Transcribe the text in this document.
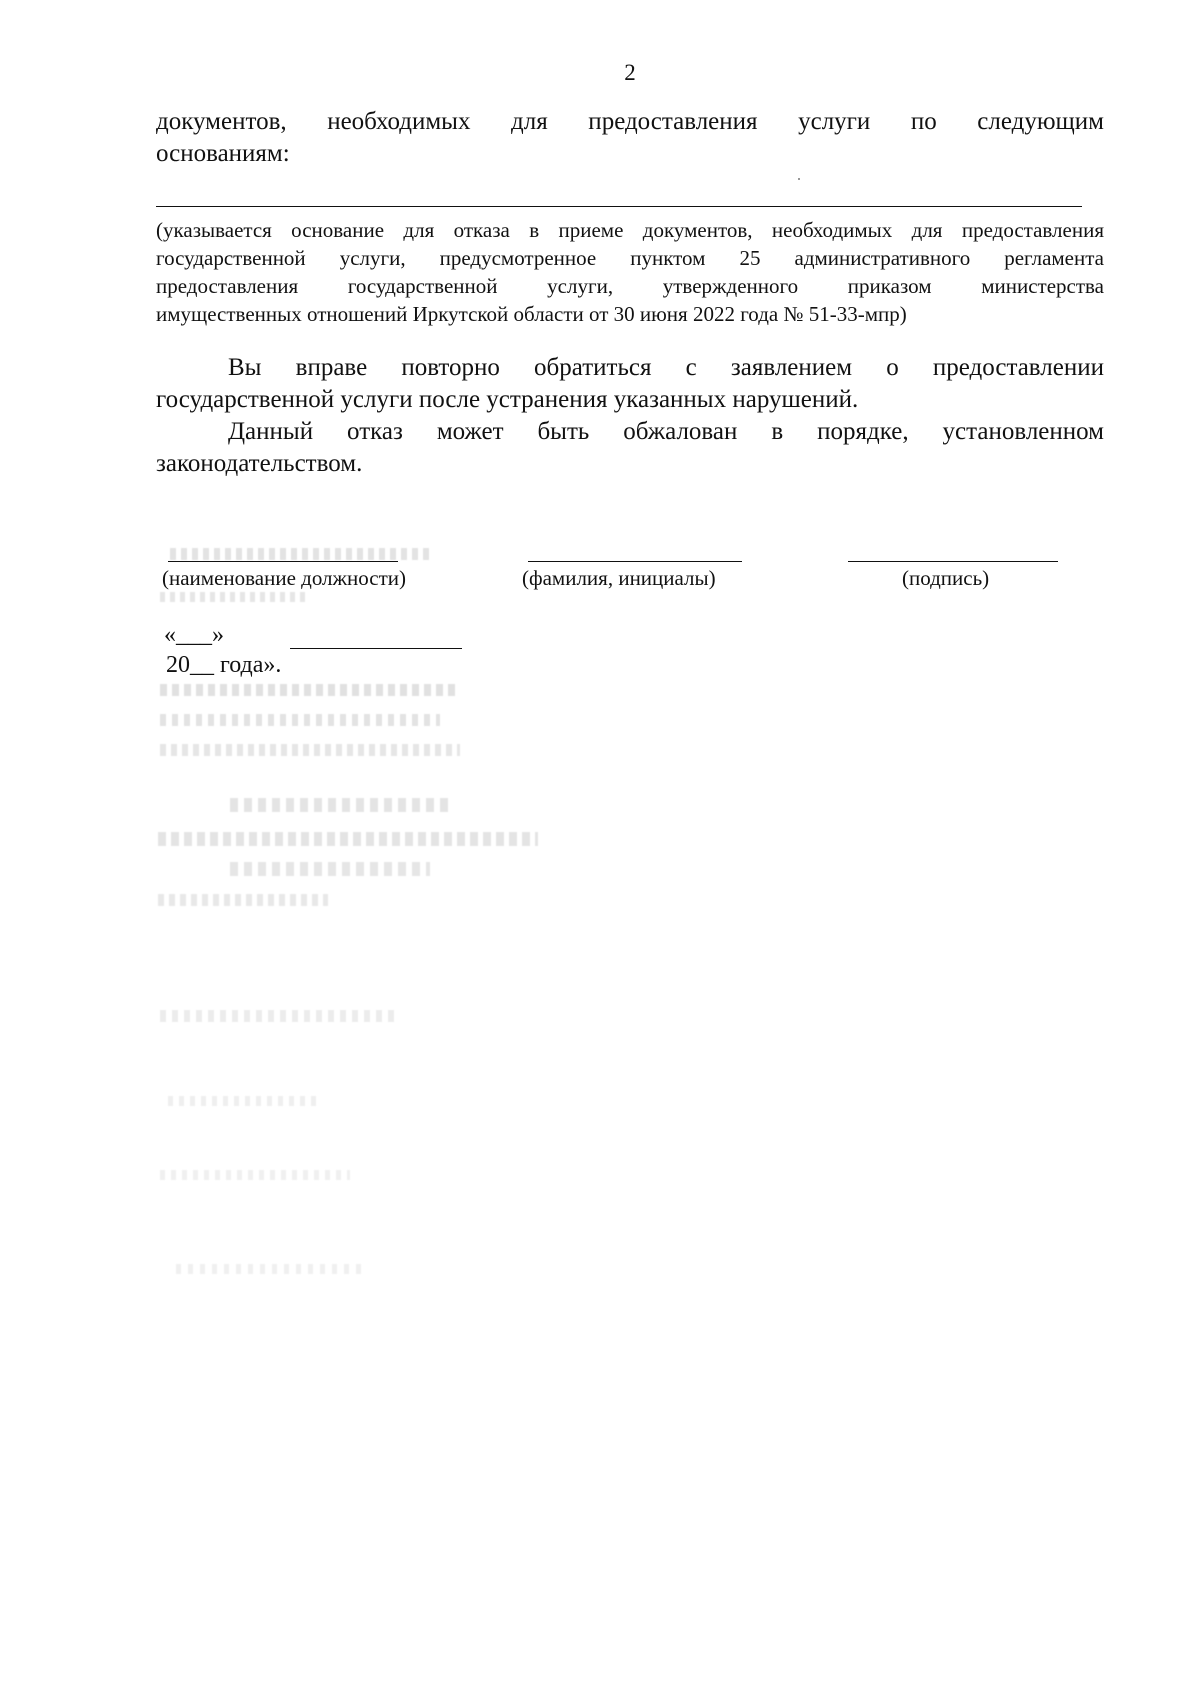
2
документов, необходимых для предоставления услуги по следующим
основаниям:
(указывается основание для отказа в приеме документов, необходимых для предоставления
государственной услуги, предусмотренное пунктом 25 административного регламента
предоставления государственной услуги, утвержденного приказом министерства
имущественных отношений Иркутской области от 30 июня 2022 года № 51-33-мпр)
Вы вправе повторно обратиться с заявлением о предоставлении
государственной услуги после устранения указанных нарушений.
Данный отказ может быть обжалован в порядке, установленном
законодательством.
(наименование должности)	(фамилия, инициалы)	(подпись)
«___»
20__ года».
